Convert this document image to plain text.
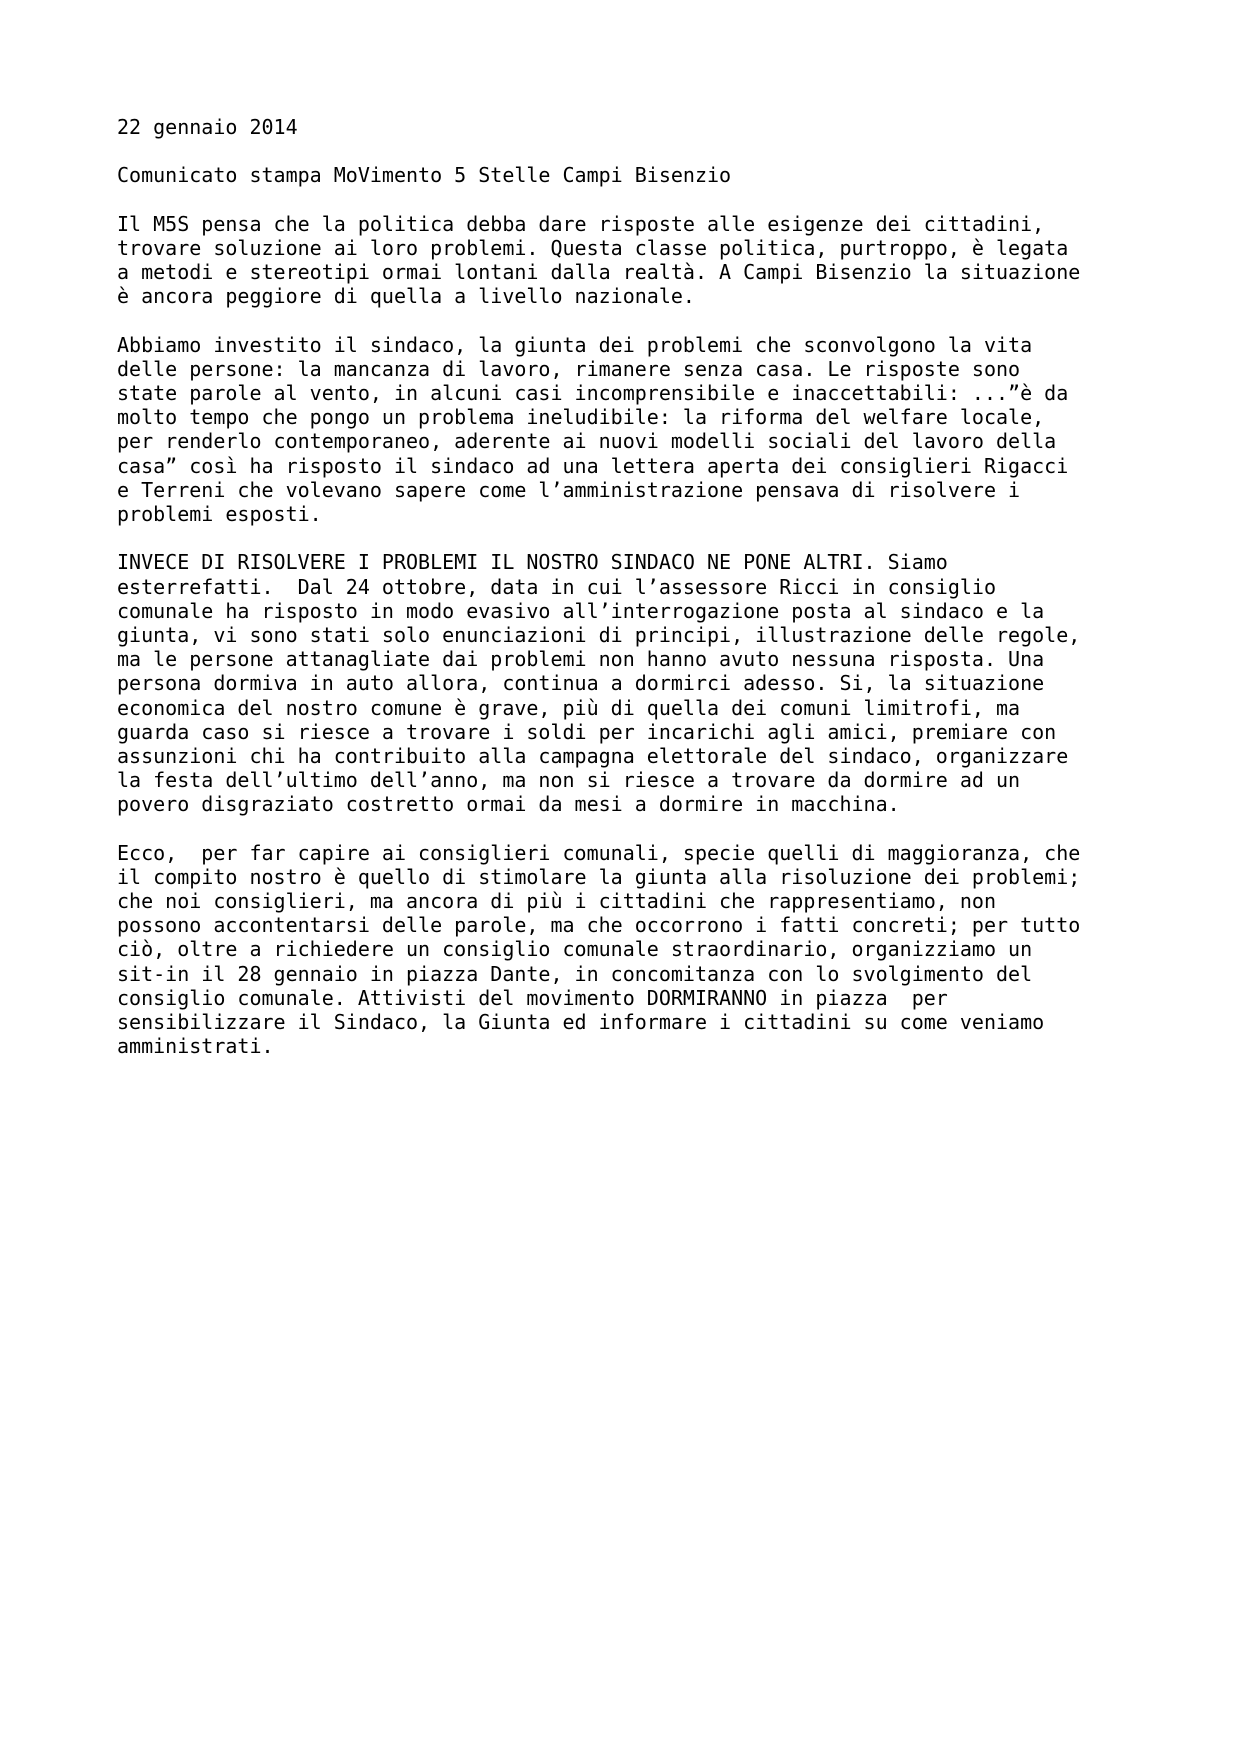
22 gennaio 2014
Comunicato stampa MoVimento 5 Stelle Campi Bisenzio
Il M5S pensa che la politica debba dare risposte alle esigenze dei cittadini,
trovare soluzione ai loro problemi. Questa classe politica, purtroppo, è legata
a metodi e stereotipi ormai lontani dalla realtà. A Campi Bisenzio la situazione
è ancora peggiore di quella a livello nazionale.
Abbiamo investito il sindaco, la giunta dei problemi che sconvolgono la vita
delle persone: la mancanza di lavoro, rimanere senza casa. Le risposte sono
state parole al vento, in alcuni casi incomprensibile e inaccettabili: ...”è da
molto tempo che pongo un problema ineludibile: la riforma del welfare locale,
per renderlo contemporaneo, aderente ai nuovi modelli sociali del lavoro della
casa” così ha risposto il sindaco ad una lettera aperta dei consiglieri Rigacci
e Terreni che volevano sapere come l’amministrazione pensava di risolvere i
problemi esposti.
INVECE DI RISOLVERE I PROBLEMI IL NOSTRO SINDACO NE PONE ALTRI. Siamo
esterrefatti.  Dal 24 ottobre, data in cui l’assessore Ricci in consiglio
comunale ha risposto in modo evasivo all’interrogazione posta al sindaco e la
giunta, vi sono stati solo enunciazioni di principi, illustrazione delle regole,
ma le persone attanagliate dai problemi non hanno avuto nessuna risposta. Una
persona dormiva in auto allora, continua a dormirci adesso. Si, la situazione
economica del nostro comune è grave, più di quella dei comuni limitrofi, ma
guarda caso si riesce a trovare i soldi per incarichi agli amici, premiare con
assunzioni chi ha contribuito alla campagna elettorale del sindaco, organizzare
la festa dell’ultimo dell’anno, ma non si riesce a trovare da dormire ad un
povero disgraziato costretto ormai da mesi a dormire in macchina.
Ecco,  per far capire ai consiglieri comunali, specie quelli di maggioranza, che
il compito nostro è quello di stimolare la giunta alla risoluzione dei problemi;
che noi consiglieri, ma ancora di più i cittadini che rappresentiamo, non
possono accontentarsi delle parole, ma che occorrono i fatti concreti; per tutto
ciò, oltre a richiedere un consiglio comunale straordinario, organizziamo un
sit-in il 28 gennaio in piazza Dante, in concomitanza con lo svolgimento del
consiglio comunale. Attivisti del movimento DORMIRANNO in piazza  per
sensibilizzare il Sindaco, la Giunta ed informare i cittadini su come veniamo
amministrati.
